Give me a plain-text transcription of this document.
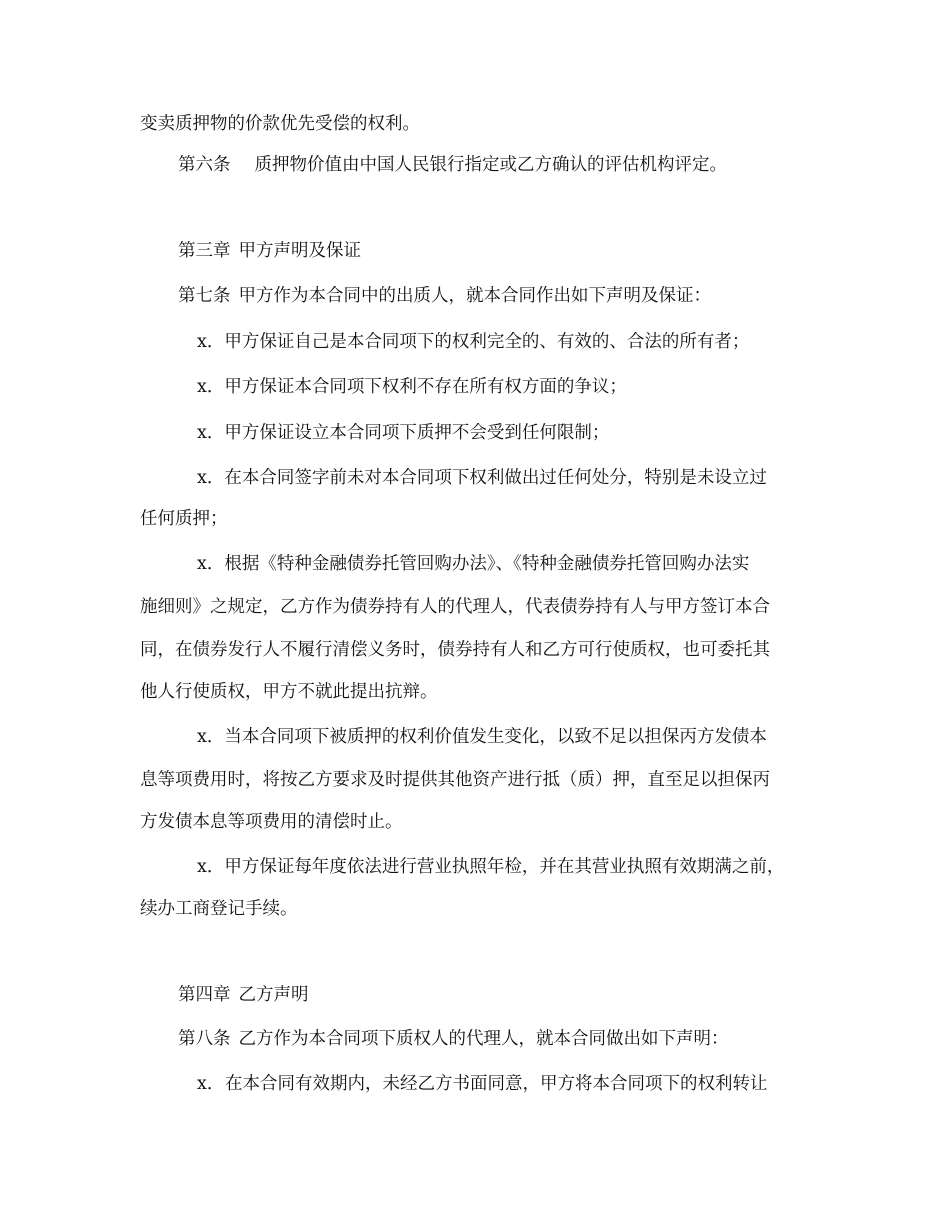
变卖质押物的价款优先受偿的权利。
第六条 质押物价值由中国人民银行指定或乙方确认的评估机构评定。
第三章 甲方声明及保证
第七条 甲方作为本合同中的出质人，就本合同作出如下声明及保证：
x．甲方保证自己是本合同项下的权利完全的、有效的、合法的所有者；
x．甲方保证本合同项下权利不存在所有权方面的争议；
x．甲方保证设立本合同项下质押不会受到任何限制；
x．在本合同签字前未对本合同项下权利做出过任何处分，特别是未设立过
任何质押；
x．根据《特种金融债券托管回购办法》、《特种金融债券托管回购办法实
施细则》之规定，乙方作为债券持有人的代理人，代表债券持有人与甲方签订本合
同，在债券发行人不履行清偿义务时，债券持有人和乙方可行使质权，也可委托其
他人行使质权，甲方不就此提出抗辩。
x．当本合同项下被质押的权利价值发生变化，以致不足以担保丙方发债本
息等项费用时，将按乙方要求及时提供其他资产进行抵（质）押，直至足以担保丙
方发债本息等项费用的清偿时止。
x．甲方保证每年度依法进行营业执照年检，并在其营业执照有效期满之前，
续办工商登记手续。
第四章 乙方声明
第八条 乙方作为本合同项下质权人的代理人，就本合同做出如下声明：
x．在本合同有效期内，未经乙方书面同意，甲方将本合同项下的权利转让
